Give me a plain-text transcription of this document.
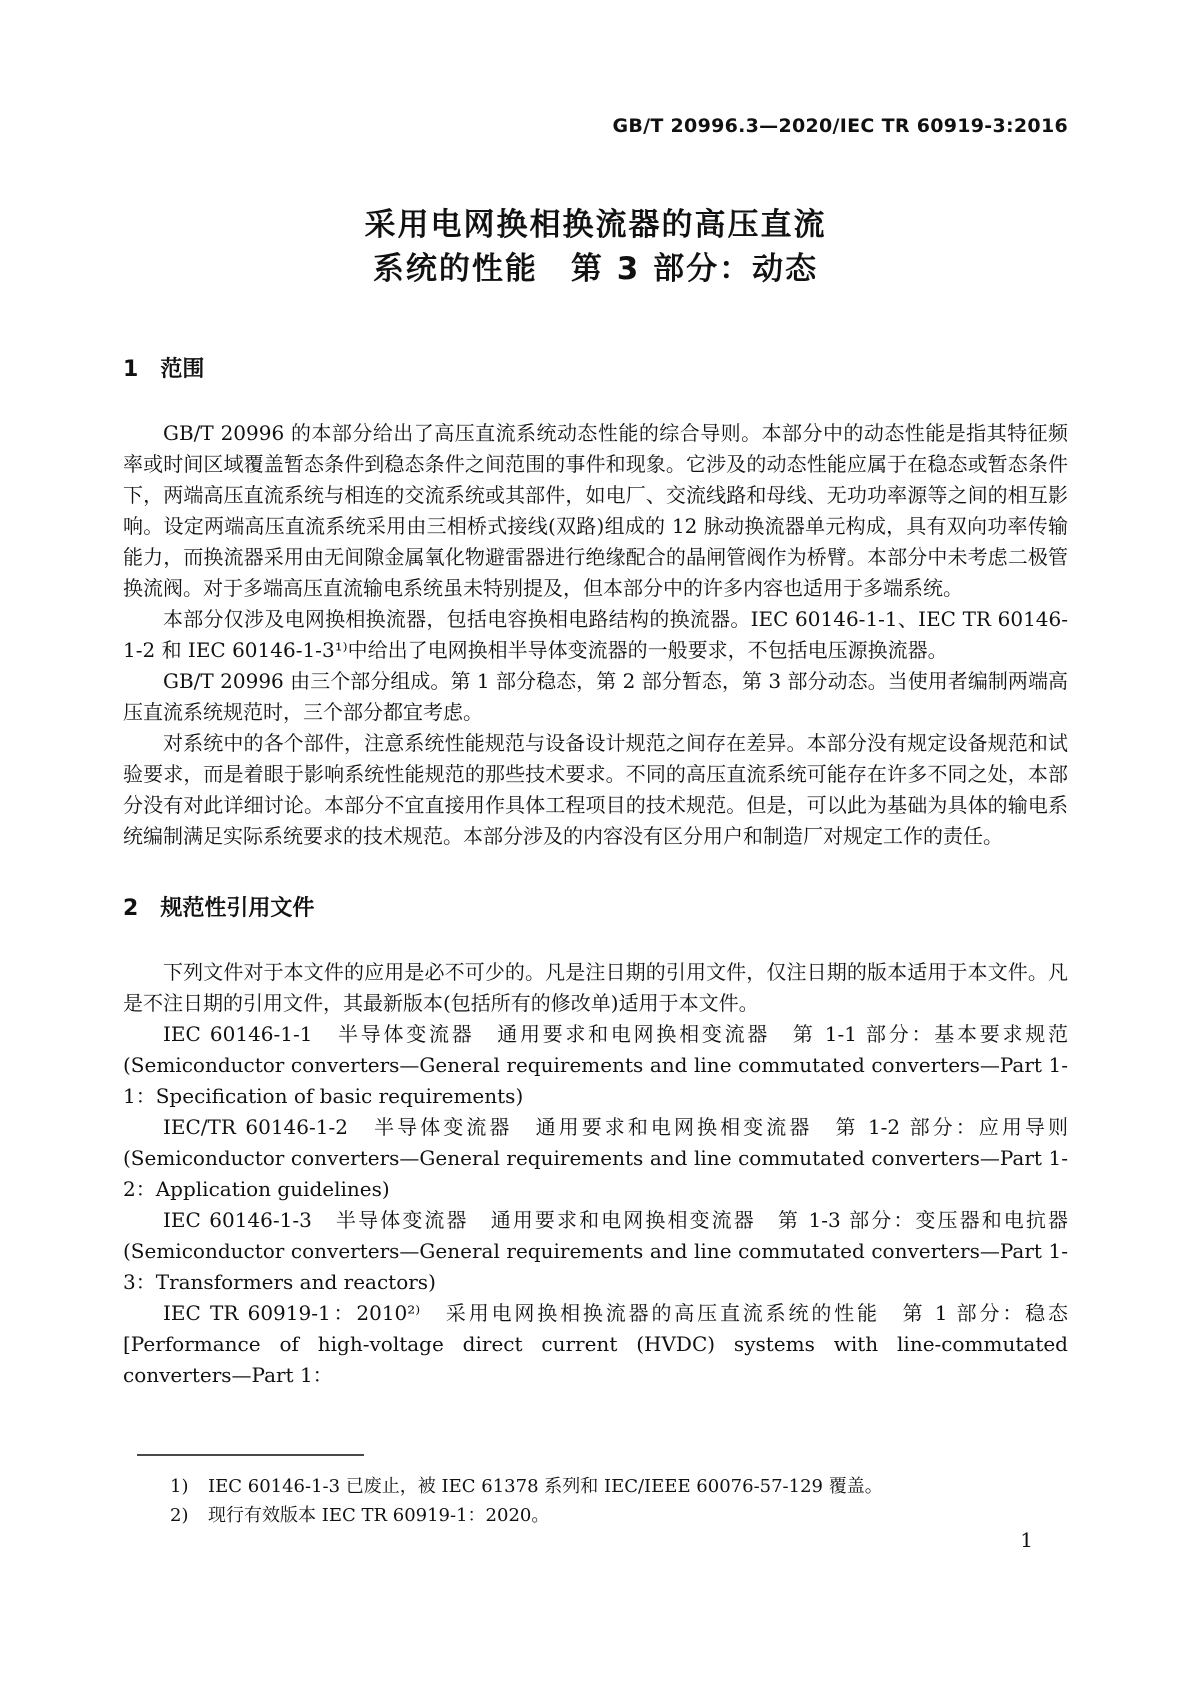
GB/T 20996.3—2020/IEC TR 60919-3:2016
采用电网换相换流器的高压直流
系统的性能　第 3 部分：动态
1 范围

GB/T 20996 的本部分给出了高压直流系统动态性能的综合导则。本部分中的动态性能是指其特征频率或时间区域覆盖暂态条件到稳态条件之间范围的事件和现象。它涉及的动态性能应属于在稳态或暂态条件下，两端高压直流系统与相连的交流系统或其部件，如电厂、交流线路和母线、无功功率源等之间的相互影响。设定两端高压直流系统采用由三相桥式接线(双路)组成的 12 脉动换流器单元构成，具有双向功率传输能力，而换流器采用由无间隙金属氧化物避雷器进行绝缘配合的晶闸管阀作为桥臂。本部分中未考虑二极管换流阀。对于多端高压直流输电系统虽未特别提及，但本部分中的许多内容也适用于多端系统。

本部分仅涉及电网换相换流器，包括电容换相电路结构的换流器。IEC 60146-1-1、IEC TR 60146-1-2 和 IEC 60146-1-3¹⁾中给出了电网换相半导体变流器的一般要求，不包括电压源换流器。

GB/T 20996 由三个部分组成。第 1 部分稳态，第 2 部分暂态，第 3 部分动态。当使用者编制两端高压直流系统规范时，三个部分都宜考虑。

对系统中的各个部件，注意系统性能规范与设备设计规范之间存在差异。本部分没有规定设备规范和试验要求，而是着眼于影响系统性能规范的那些技术要求。不同的高压直流系统可能存在许多不同之处，本部分没有对此详细讨论。本部分不宜直接用作具体工程项目的技术规范。但是，可以此为基础为具体的输电系统编制满足实际系统要求的技术规范。本部分涉及的内容没有区分用户和制造厂对规定工作的责任。

2 规范性引用文件

下列文件对于本文件的应用是必不可少的。凡是注日期的引用文件，仅注日期的版本适用于本文件。凡是不注日期的引用文件，其最新版本(包括所有的修改单)适用于本文件。

IEC 60146-1-1　半导体变流器　通用要求和电网换相变流器　第 1-1 部分：基本要求规范(Semiconductor converters—General requirements and line commutated converters—Part 1-1：Specification of basic requirements)

IEC/TR 60146-1-2　半导体变流器　通用要求和电网换相变流器　第 1-2 部分：应用导则(Semiconductor converters—General requirements and line commutated converters—Part 1-2：Application guidelines)

IEC 60146-1-3　半导体变流器　通用要求和电网换相变流器　第 1-3 部分：变压器和电抗器(Semiconductor converters—General requirements and line commutated converters—Part 1-3：Transformers and reactors)

IEC TR 60919-1：2010²⁾　采用电网换相换流器的高压直流系统的性能　第 1 部分：稳态[Performance of high-voltage direct current (HVDC) systems with line-commutated converters—Part 1：

1)	IEC 60146-1-3 已废止，被 IEC 61378 系列和 IEC/IEEE 60076-57-129 覆盖。
2)	现行有效版本 IEC TR 60919-1：2020。
1
